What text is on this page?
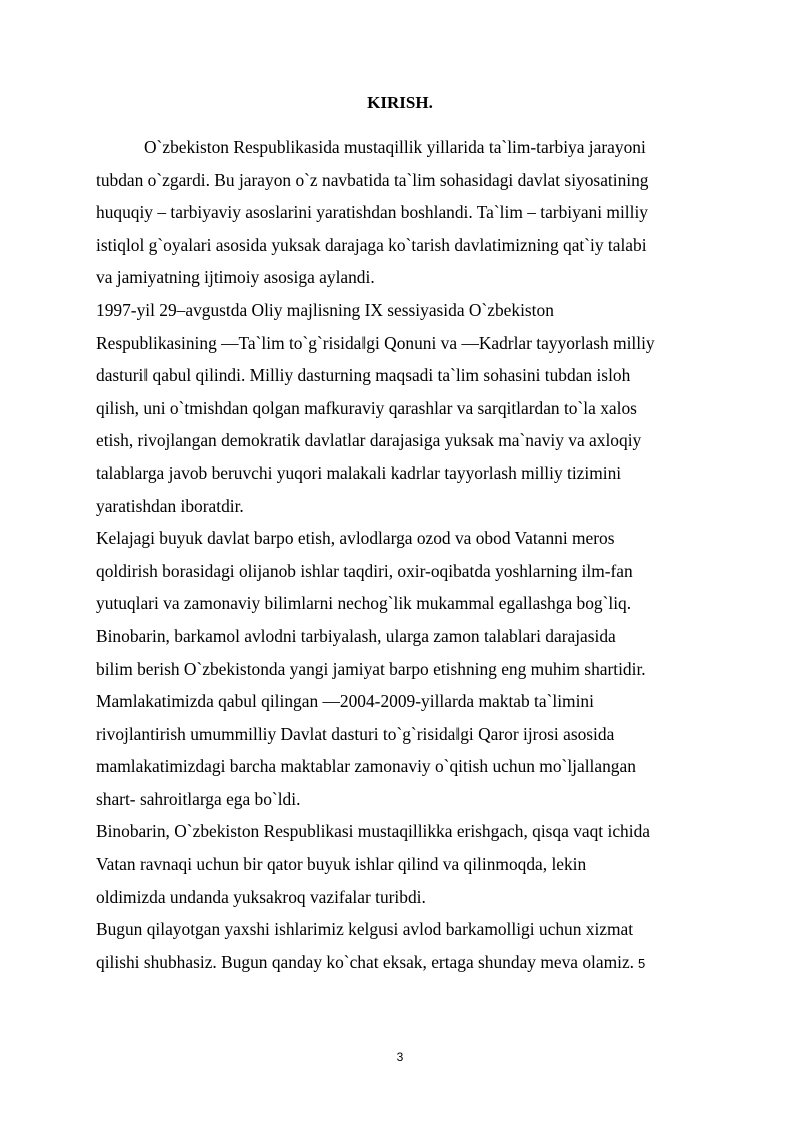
KIRISH.
O`zbekiston Respublikasida mustaqillik yillarida ta`lim-tarbiya jarayoni
tubdan o`zgardi. Bu jarayon o`z navbatida ta`lim sohasidagi davlat siyosatining
huquqiy – tarbiyaviy asoslarini yaratishdan boshlandi. Ta`lim – tarbiyani milliy
istiqlol g`oyalari asosida yuksak darajaga ko`tarish davlatimizning qat`iy talabi
va jamiyatning ijtimoiy asosiga aylandi.
1997-yil 29–avgustda Oliy majlisning IX sessiyasida O`zbekiston
Respublikasining ―Ta`lim to`g`risida‖gi Qonuni va ―Kadrlar tayyorlash milliy
dasturi‖ qabul qilindi. Milliy dasturning maqsadi ta`lim sohasini tubdan isloh
qilish, uni o`tmishdan qolgan mafkuraviy qarashlar va sarqitlardan to`la xalos
etish, rivojlangan demokratik davlatlar darajasiga yuksak ma`naviy va axloqiy
talablarga javob beruvchi yuqori malakali kadrlar tayyorlash milliy tizimini
yaratishdan iboratdir.
Kelajagi buyuk davlat barpo etish, avlodlarga ozod va obod Vatanni meros
qoldirish borasidagi olijanob ishlar taqdiri, oxir-oqibatda yoshlarning ilm-fan
yutuqlari va zamonaviy bilimlarni nechog`lik mukammal egallashga bog`liq.
Binobarin, barkamol avlodni tarbiyalash, ularga zamon talablari darajasida
bilim berish O`zbekistonda yangi jamiyat barpo etishning eng muhim shartidir.
Mamlakatimizda qabul qilingan ―2004-2009-yillarda maktab ta`limini
rivojlantirish umummilliy Davlat dasturi to`g`risida‖gi Qaror ijrosi asosida
mamlakatimizdagi barcha maktablar zamonaviy o`qitish uchun mo`ljallangan
shart- sahroitlarga ega bo`ldi.
Binobarin, O`zbekiston Respublikasi mustaqillikka erishgach, qisqa vaqt ichida
Vatan ravnaqi uchun bir qator buyuk ishlar qilind va qilinmoqda, lekin
oldimizda undanda yuksakroq vazifalar turibdi.
Bugun qilayotgan yaxshi ishlarimiz kelgusi avlod barkamolligi uchun xizmat
qilishi shubhasiz. Bugun qanday ko`chat eksak, ertaga shunday meva olamiz. 5
3
